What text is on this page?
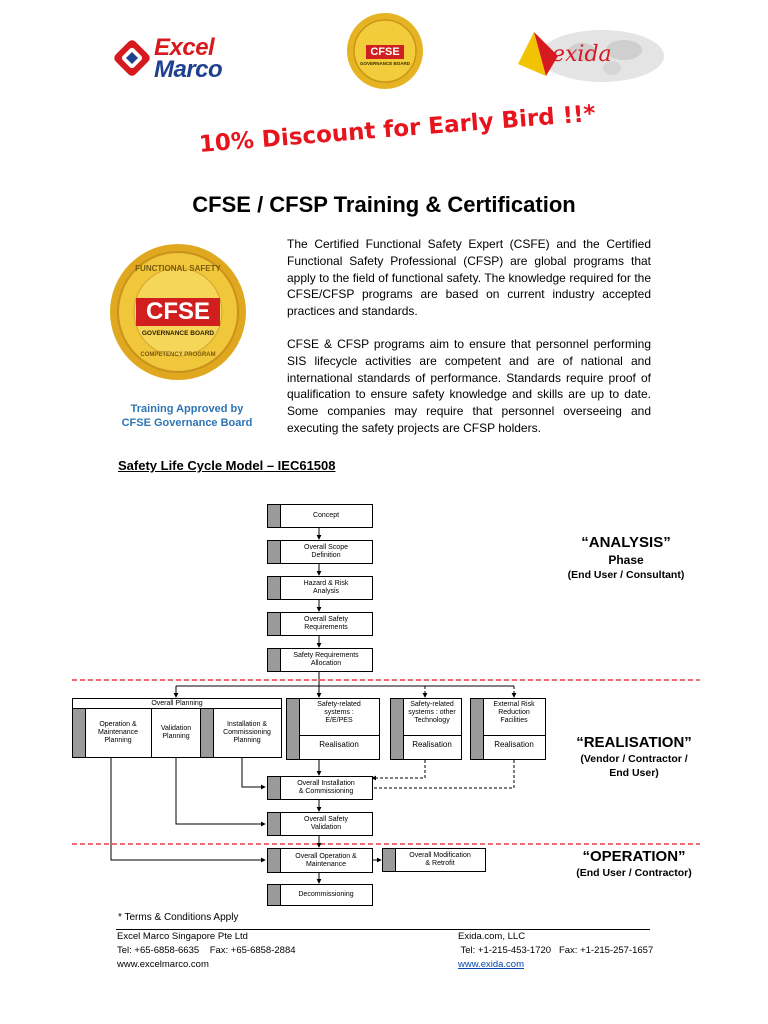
Excel
Marco
CFSE
GOVERNANCE BOARD	exida
10% Discount for Early Bird !!*
CFSE / CFSP Training & Certification
FUNCTIONAL SAFETY
CFSE
GOVERNANCE BOARD
COMPETENCY PROGRAM
Training Approved by
CFSE Governance Board
The Certified Functional Safety Expert (CSFE) and the Certified Functional Safety Professional (CFSP) are global programs that apply to the field of functional safety. The knowledge required for the CFSE/CFSP programs are based on current industry accepted practices and standards.
CFSE & CFSP programs aim to ensure that personnel performing SIS lifecycle activities are competent and are of national and international standards of performance. Standards require proof of qualification to ensure safety knowledge and skills are up to date. Some companies may require that personnel overseeing and executing the safety projects are CFSP holders.
Safety Life Cycle Model – IEC61508
Concept
Overall Scope
Definition
Hazard & Risk
Analysis
Overall Safety
Requirements
Safety Requirements
Allocation
Overall Planning
Operation &
Maintenance
Planning
Validation
Planning
Installation &
Commissioning
Planning
Safety-related
systems :
E/E/PES
Realisation
Safety-related
systems : other
Technology
Realisation
External Risk
Reduction
Facilities
Realisation
Overall Installation
& Commissioning
Overall Safety
Validation
Overall Operation &
Maintenance
Overall Modification
& Retrofit
Decommissioning
“ANALYSIS”
Phase
(End User / Consultant)
“REALISATION”
(Vendor / Contractor /
End User)
“OPERATION”
(End User / Contractor)
* Terms & Conditions Apply
Excel Marco Singapore Pte Ltd
Tel: +65-6858-6635    Fax: +65-6858-2884
www.excelmarco.com
Exida.com, LLC
Tel: +1-215-453-1720   Fax: +1-215-257-1657
www.exida.com
